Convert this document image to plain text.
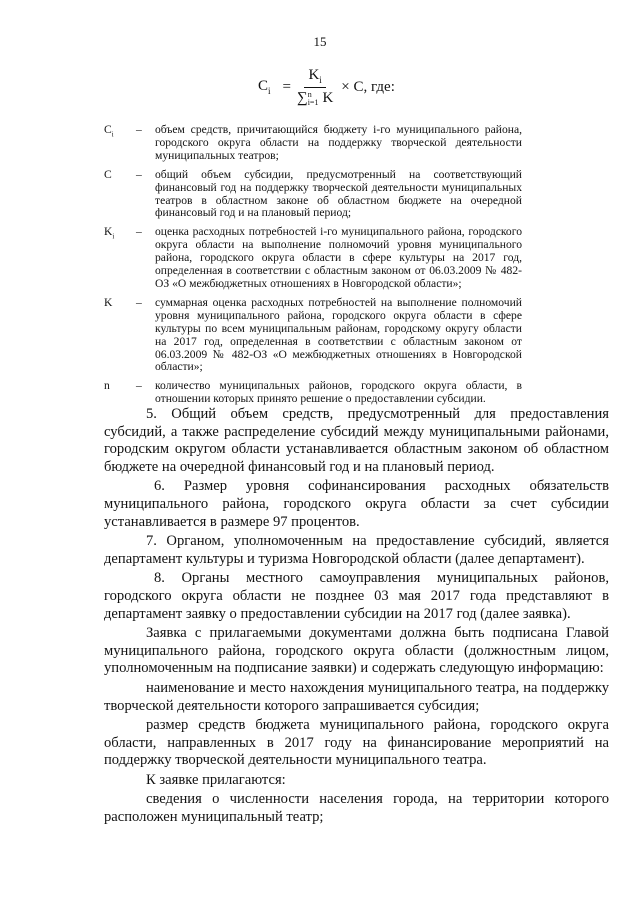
15
$C_i = K_i$
∑ n
i=1 K × C, где:
$C_i$	–	объем средств, причитающийся бюджету i-го муниципального района, городского округа области на поддержку творческой деятельности муниципальных театров;
C	–	общий объем субсидии, предусмотренный на соответствующий финансовый год на поддержку творческой деятельности муниципальных театров в областном законе об областном бюджете на очередной финансовый год и на плановый период;
$K_i$	–	оценка расходных потребностей i-го муниципального района, городского округа области на выполнение полномочий уровня муниципального района, городского округа области в сфере культуры на 2017 год, определенная в соответствии с областным законом от 06.03.2009 № 482-ОЗ «О межбюджетных отношениях в Новгородской области»;
K	–	суммарная оценка расходных потребностей на выполнение полномочий уровня муниципального района, городского округа области в сфере культуры по всем муниципальным районам, городскому округу области на 2017 год, определенная в соответствии с областным законом от 06.03.2009 № 482-ОЗ «О межбюджетных отношениях в Новгородской области»;
n	–	количество муниципальных районов, городского округа области, в отношении которых принято решение о предоставлении субсидии.

5. Общий объем средств, предусмотренный для предоставления субсидий, а также распределение субсидий между муниципальными районами, городским округом области устанавливается областным законом об областном бюджете на очередной финансовый год и на плановый период.

6. Размер уровня софинансирования расходных обязательств муниципального района, городского округа области за счет субсидии устанавливается в размере 97 процентов.

7. Органом, уполномоченным на предоставление субсидий, является департамент культуры и туризма Новгородской области (далее департамент).

8. Органы местного самоуправления муниципальных районов, городского округа области не позднее 03 мая 2017 года представляют в департамент заявку о предоставлении субсидии на 2017 год (далее заявка).

Заявка с прилагаемыми документами должна быть подписана Главой муниципального района, городского округа области (должностным лицом, уполномоченным на подписание заявки) и содержать следующую информацию:

наименование и место нахождения муниципального театра, на поддержку творческой деятельности которого запрашивается субсидия;

размер средств бюджета муниципального района, городского округа области, направленных в 2017 году на финансирование мероприятий на поддержку творческой деятельности муниципального театра.

К заявке прилагаются:

сведения о численности населения города, на территории которого расположен муниципальный театр;
